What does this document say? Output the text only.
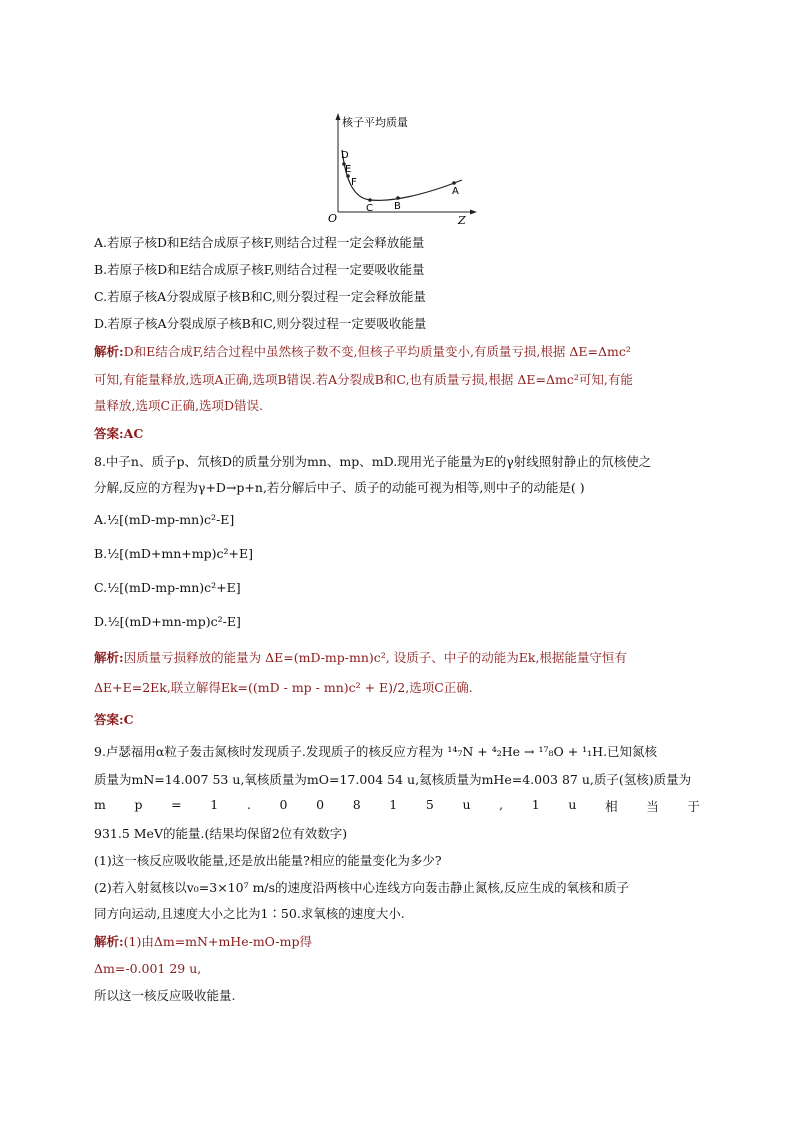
核子平均质量
O	Z
D
E
F
C B
A
A.若原子核D和E结合成原子核F,则结合过程一定会释放能量
B.若原子核D和E结合成原子核F,则结合过程一定要吸收能量
C.若原子核A分裂成原子核B和C,则分裂过程一定会释放能量
D.若原子核A分裂成原子核B和C,则分裂过程一定要吸收能量
解析:D和E结合成F,结合过程中虽然核子数不变,但核子平均质量变小,有质量亏损,根据 ΔE=Δmc²
可知,有能量释放,选项A正确,选项B错误.若A分裂成B和C,也有质量亏损,根据 ΔE=Δmc²可知,有能
量释放,选项C正确,选项D错误.
答案:AC
8.中子n、质子p、氘核D的质量分别为mn、mp、mD.现用光子能量为E的γ射线照射静止的氘核使之
分解,反应的方程为γ+D→p+n,若分解后中子、质子的动能可视为相等,则中子的动能是( )
A.½[(mD-mp-mn)c²-E]
B.½[(mD+mn+mp)c²+E]
C.½[(mD-mp-mn)c²+E]
D.½[(mD+mn-mp)c²-E]
解析:因质量亏损释放的能量为 ΔE=(mD-mp-mn)c², 设质子、中子的动能为Ek,根据能量守恒有
ΔE+E=2Ek,联立解得Ek=((mD - mp - mn)c² + E)/2,选项C正确.
答案:C
9.卢瑟福用α粒子轰击氮核时发现质子.发现质子的核反应方程为 ¹⁴₇N + ⁴₂He → ¹⁷₈O + ¹₁H.已知氮核
质量为mN=14.007 53 u,氧核质量为mO=17.004 54 u,氦核质量为mHe=4.003 87 u,质子(氢核)质量为
m p = 1 . 0 0 8 1 5 u , 1 u 相 当 于
931.5 MeV的能量.(结果均保留2位有效数字)
(1)这一核反应吸收能量,还是放出能量?相应的能量变化为多少?
(2)若入射氦核以v₀=3×10⁷ m/s的速度沿两核中心连线方向轰击静止氮核,反应生成的氧核和质子
同方向运动,且速度大小之比为1∶50.求氧核的速度大小.
解析:(1)由Δm=mN+mHe-mO-mp得
Δm=-0.001 29 u,
所以这一核反应吸收能量.
